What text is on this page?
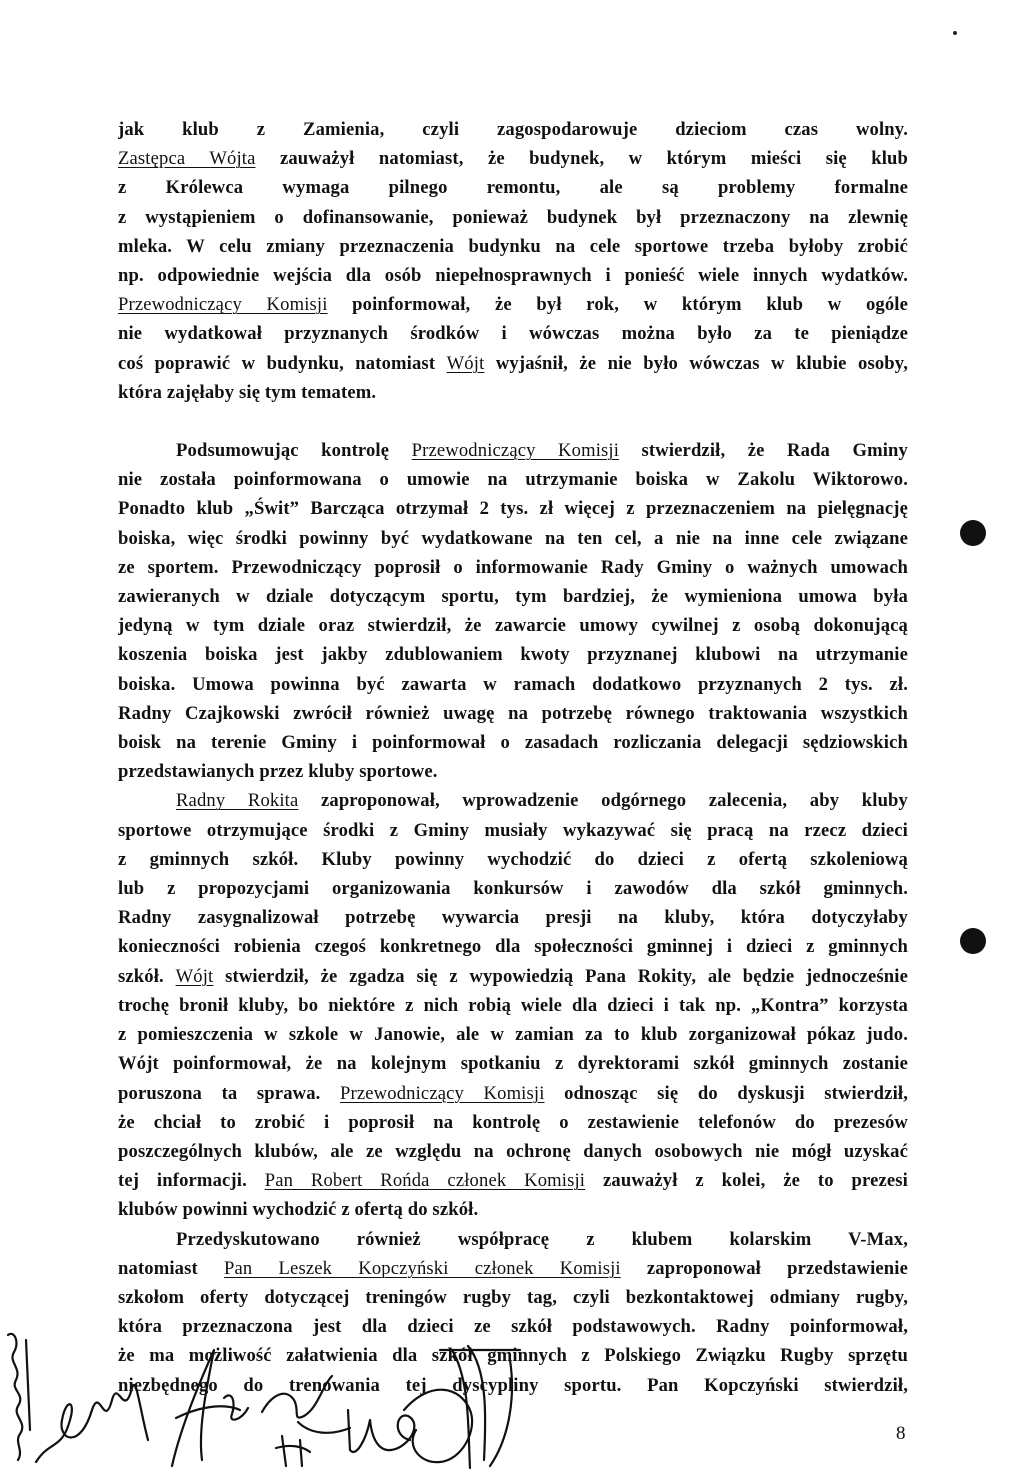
jak klub z Zamienia, czyli zagospodarowuje dzieciom czas wolny.
Zastępca Wójta zauważył natomiast, że budynek, w którym mieści się klub
z Królewca wymaga pilnego remontu, ale są problemy formalne
z wystąpieniem o dofinansowanie, ponieważ budynek był przeznaczony na zlewnię
mleka. W celu zmiany przeznaczenia budynku na cele sportowe trzeba byłoby zrobić
np. odpowiednie wejścia dla osób niepełnosprawnych i ponieść wiele innych wydatków.
Przewodniczący Komisji poinformował, że był rok, w którym klub w ogóle
nie wydatkował przyznanych środków i wówczas można było za te pieniądze
coś poprawić w budynku, natomiast Wójt wyjaśnił, że nie było wówczas w klubie osoby,
która zajęłaby się tym tematem.
Podsumowując kontrolę Przewodniczący Komisji stwierdził, że Rada Gminy
nie została poinformowana o umowie na utrzymanie boiska w Zakolu Wiktorowo.
Ponadto klub „Świt” Barcząca otrzymał 2 tys. zł więcej z przeznaczeniem na pielęgnację
boiska, więc środki powinny być wydatkowane na ten cel, a nie na inne cele związane
ze sportem. Przewodniczący poprosił o informowanie Rady Gminy o ważnych umowach
zawieranych w dziale dotyczącym sportu, tym bardziej, że wymieniona umowa była
jedyną w tym dziale oraz stwierdził, że zawarcie umowy cywilnej z osobą dokonującą
koszenia boiska jest jakby zdublowaniem kwoty przyznanej klubowi na utrzymanie
boiska. Umowa powinna być zawarta w ramach dodatkowo przyznanych 2 tys. zł.
Radny Czajkowski zwrócił również uwagę na potrzebę równego traktowania wszystkich
boisk na terenie Gminy i poinformował o zasadach rozliczania delegacji sędziowskich
przedstawianych przez kluby sportowe.
Radny Rokita zaproponował, wprowadzenie odgórnego zalecenia, aby kluby
sportowe otrzymujące środki z Gminy musiały wykazywać się pracą na rzecz dzieci
z gminnych szkół. Kluby powinny wychodzić do dzieci z ofertą szkoleniową
lub z propozycjami organizowania konkursów i zawodów dla szkół gminnych.
Radny zasygnalizował potrzebę wywarcia presji na kluby, która dotyczyłaby
konieczności robienia czegoś konkretnego dla społeczności gminnej i dzieci z gminnych
szkół. Wójt stwierdził, że zgadza się z wypowiedzią Pana Rokity, ale będzie jednocześnie
trochę bronił kluby, bo niektóre z nich robią wiele dla dzieci i tak np. „Kontra” korzysta
z pomieszczenia w szkole w Janowie, ale w zamian za to klub zorganizował pókaz judo.
Wójt poinformował, że na kolejnym spotkaniu z dyrektorami szkół gminnych zostanie
poruszona ta sprawa. Przewodniczący Komisji odnosząc się do dyskusji stwierdził,
że chciał to zrobić i poprosił na kontrolę o zestawienie telefonów do prezesów
poszczególnych klubów, ale ze względu na ochronę danych osobowych nie mógł uzyskać
tej informacji. Pan Robert Rońda członek Komisji zauważył z kolei, że to prezesi
klubów powinni wychodzić z ofertą do szkół.
Przedyskutowano również współpracę z klubem kolarskim V-Max,
natomiast Pan Leszek Kopczyński członek Komisji zaproponował przedstawienie
szkołom oferty dotyczącej treningów rugby tag, czyli bezkontaktowej odmiany rugby,
która przeznaczona jest dla dzieci ze szkół podstawowych. Radny poinformował,
że ma możliwość załatwienia dla szkół gminnych z Polskiego Związku Rugby sprzętu
niezbędnego do trenowania tej dyscypliny sportu. Pan Kopczyński stwierdził,
8
